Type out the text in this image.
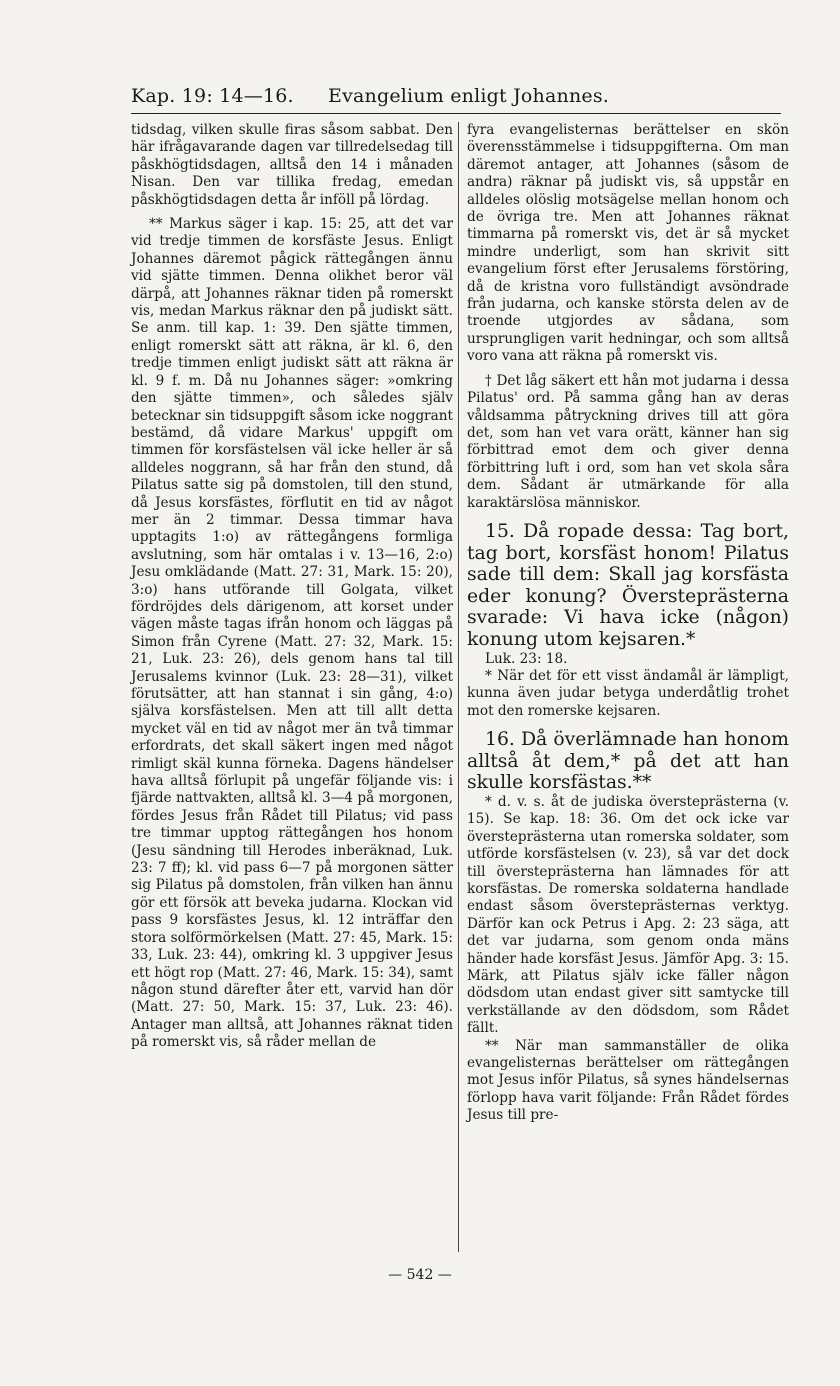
Kap. 19: 14—16. Evangelium enligt Johannes.

tidsdag, vilken skulle firas såsom sabbat. Den här ifrågavarande dagen var tillredelsedag till påskhögtidsdagen, alltså den 14 i månaden Nisan. Den var tillika fredag, emedan påskhögtidsdagen detta år inföll på lördag.

** Markus säger i kap. 15: 25, att det var vid tredje timmen de korsfäste Jesus. Enligt Johannes däremot pågick rättegången ännu vid sjätte timmen. Denna olikhet beror väl därpå, att Johannes räknar tiden på romerskt vis, medan Markus räknar den på judiskt sätt. Se anm. till kap. 1: 39. Den sjätte timmen, enligt romerskt sätt att räkna, är kl. 6, den tredje timmen enligt judiskt sätt att räkna är kl. 9 f. m. Då nu Johannes säger: »omkring den sjätte timmen», och således själv betecknar sin tidsuppgift såsom icke noggrant bestämd, då vidare Markus' uppgift om timmen för korsfästelsen väl icke heller är så alldeles noggrann, så har från den stund, då Pilatus satte sig på domstolen, till den stund, då Jesus korsfästes, förflutit en tid av något mer än 2 timmar. Dessa timmar hava upptagits 1:o) av rättegångens formliga avslutning, som här omtalas i v. 13—16, 2:o) Jesu omklädande (Matt. 27: 31, Mark. 15: 20), 3:o) hans utförande till Golgata, vilket fördröjdes dels därigenom, att korset under vägen måste tagas ifrån honom och läggas på Simon från Cyrene (Matt. 27: 32, Mark. 15: 21, Luk. 23: 26), dels genom hans tal till Jerusalems kvinnor (Luk. 23: 28—31), vilket förutsätter, att han stannat i sin gång, 4:o) själva korsfästelsen. Men att till allt detta mycket väl en tid av något mer än två timmar erfordrats, det skall säkert ingen med något rimligt skäl kunna förneka. Dagens händelser hava alltså förlupit på ungefär följande vis: i fjärde nattvakten, alltså kl. 3—4 på morgonen, fördes Jesus från Rådet till Pilatus; vid pass tre timmar upptog rättegången hos honom (Jesu sändning till Herodes inberäknad, Luk. 23: 7 ff); kl. vid pass 6—7 på morgonen sätter sig Pilatus på domstolen, från vilken han ännu gör ett försök att beveka judarna. Klockan vid pass 9 korsfästes Jesus, kl. 12 inträffar den stora solförmörkelsen (Matt. 27: 45, Mark. 15: 33, Luk. 23: 44), omkring kl. 3 uppgiver Jesus ett högt rop (Matt. 27: 46, Mark. 15: 34), samt någon stund därefter åter ett, varvid han dör (Matt. 27: 50, Mark. 15: 37, Luk. 23: 46). Antager man alltså, att Johannes räknat tiden på romerskt vis, så råder mellan de

fyra evangelisternas berättelser en skön överensstämmelse i tidsuppgifterna. Om man däremot antager, att Johannes (såsom de andra) räknar på judiskt vis, så uppstår en alldeles olöslig motsägelse mellan honom och de övriga tre. Men att Johannes räknat timmarna på romerskt vis, det är så mycket mindre underligt, som han skrivit sitt evangelium först efter Jerusalems förstöring, då de kristna voro fullständigt avsöndrade från judarna, och kanske största delen av de troende utgjordes av sådana, som ursprungligen varit hedningar, och som alltså voro vana att räkna på romerskt vis.

† Det låg säkert ett hån mot judarna i dessa Pilatus' ord. På samma gång han av deras våldsamma påtryckning drives till att göra det, som han vet vara orätt, känner han sig förbittrad emot dem och giver denna förbittring luft i ord, som han vet skola såra dem. Sådant är utmärkande för alla karaktärslösa människor.

15. Då ropade dessa: Tag bort, tag bort, korsfäst honom! Pilatus sade till dem: Skall jag korsfästa eder konung? Översteprästerna svarade: Vi hava icke (någon) konung utom kejsaren.*

Luk. 23: 18.

* När det för ett visst ändamål är lämpligt, kunna även judar betyga underdåtlig trohet mot den romerske kejsaren.

16. Då överlämnade han honom alltså åt dem,* på det att han skulle korsfästas.**

* d. v. s. åt de judiska översteprästerna (v. 15). Se kap. 18: 36. Om det ock icke var översteprästerna utan romerska soldater, som utförde korsfästelsen (v. 23), så var det dock till översteprästerna han lämnades för att korsfästas. De romerska soldaterna handlade endast såsom översteprästernas verktyg. Därför kan ock Petrus i Apg. 2: 23 säga, att det var judarna, som genom onda mäns händer hade korsfäst Jesus. Jämför Apg. 3: 15. Märk, att Pilatus själv icke fäller någon dödsdom utan endast giver sitt samtycke till verkställande av den dödsdom, som Rådet fällt.

** När man sammanställer de olika evangelisternas berättelser om rättegången mot Jesus inför Pilatus, så synes händelsernas förlopp hava varit följande: Från Rådet fördes Jesus till pre-

— 542 —
